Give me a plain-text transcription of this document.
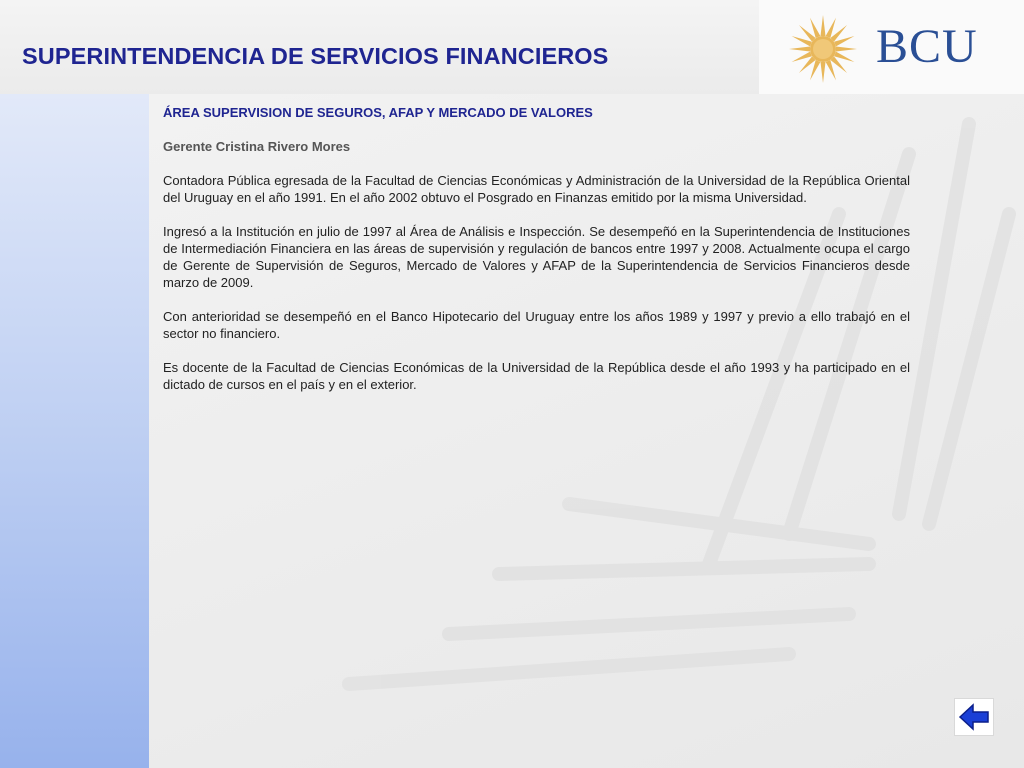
SUPERINTENDENCIA DE SERVICIOS FINANCIEROS	BCU

ÁREA SUPERVISION DE SEGUROS, AFAP Y MERCADO DE VALORES

Gerente Cristina Rivero Mores

Contadora Pública egresada de la Facultad de Ciencias Económicas y Administración de la Universidad de la República Oriental del Uruguay en el año 1991. En el año 2002 obtuvo el Posgrado en Finanzas emitido por la misma Universidad.

Ingresó a la Institución en julio de 1997 al Área de Análisis e Inspección. Se desempeñó en la Superintendencia de Instituciones de Intermediación Financiera en las áreas de supervisión y regulación de bancos entre 1997 y 2008. Actualmente ocupa el cargo de Gerente de Supervisión de Seguros, Mercado de Valores y AFAP de la Superintendencia de Servicios Financieros desde marzo de 2009.

Con anterioridad se desempeñó en el Banco Hipotecario del Uruguay entre los años 1989 y 1997 y previo a ello trabajó en el sector no financiero.

Es docente de la Facultad de Ciencias Económicas de la Universidad de la República desde el año 1993 y ha participado en el dictado de cursos en el país y en el exterior.
